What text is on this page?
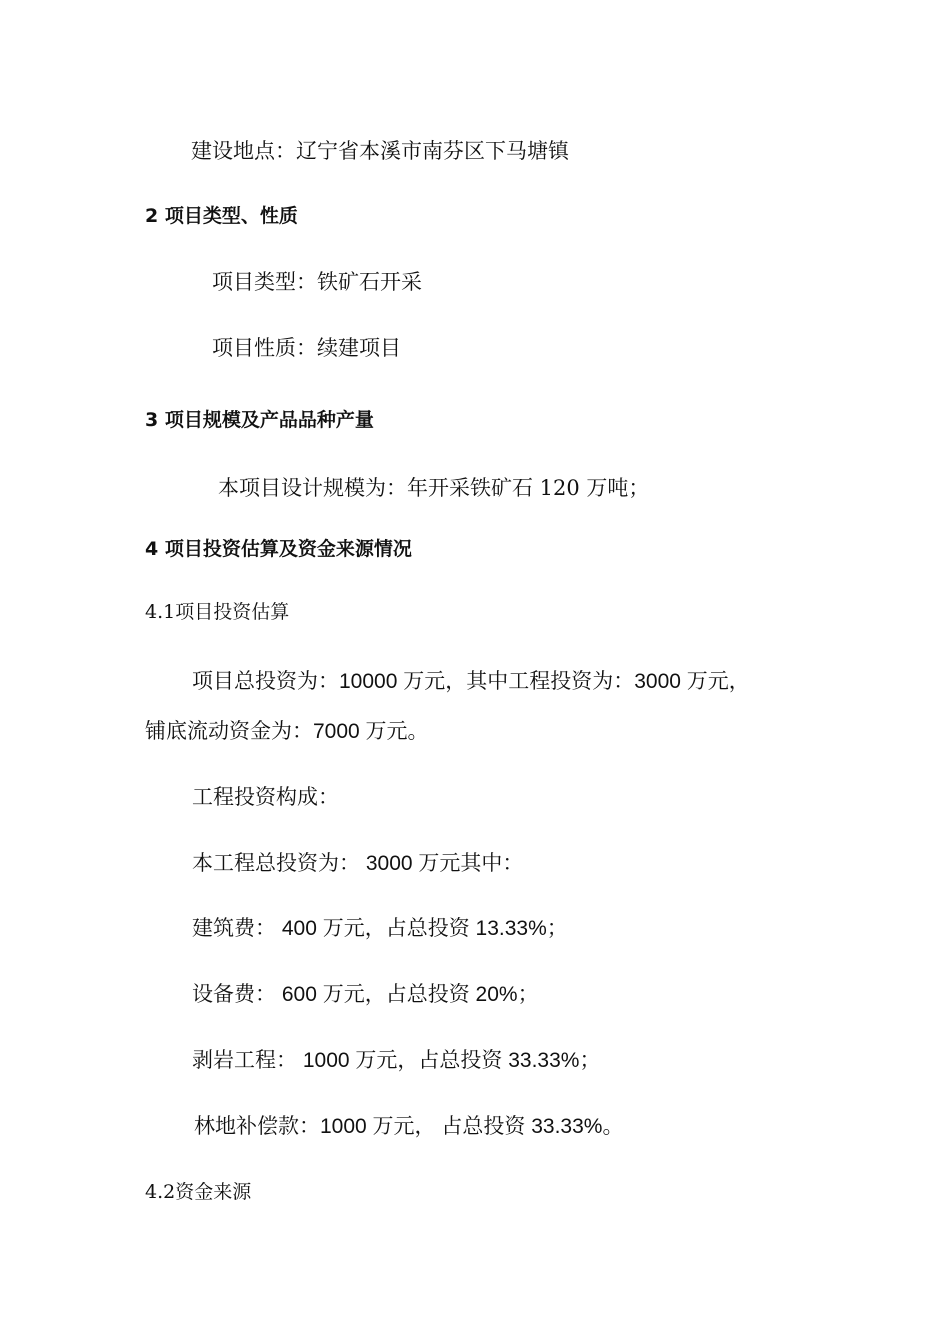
建设地点：辽宁省本溪市南芬区下马塘镇
2 项目类型、性质
项目类型：铁矿石开采
项目性质：续建项目
3 项目规模及产品品种产量
本项目设计规模为：年开采铁矿石 120 万吨；
4 项目投资估算及资金来源情况
4.1项目投资估算
项目总投资为：10000 万元，其中工程投资为：3000 万元，
铺底流动资金为：7000 万元。
工程投资构成：
本工程总投资为： 3000 万元其中：
建筑费： 400 万元，占总投资 13.33%；
设备费： 600 万元，占总投资 20%；
剥岩工程： 1000 万元，占总投资 33.33%；
林地补偿款：1000 万元， 占总投资 33.33%。
4.2资金来源
